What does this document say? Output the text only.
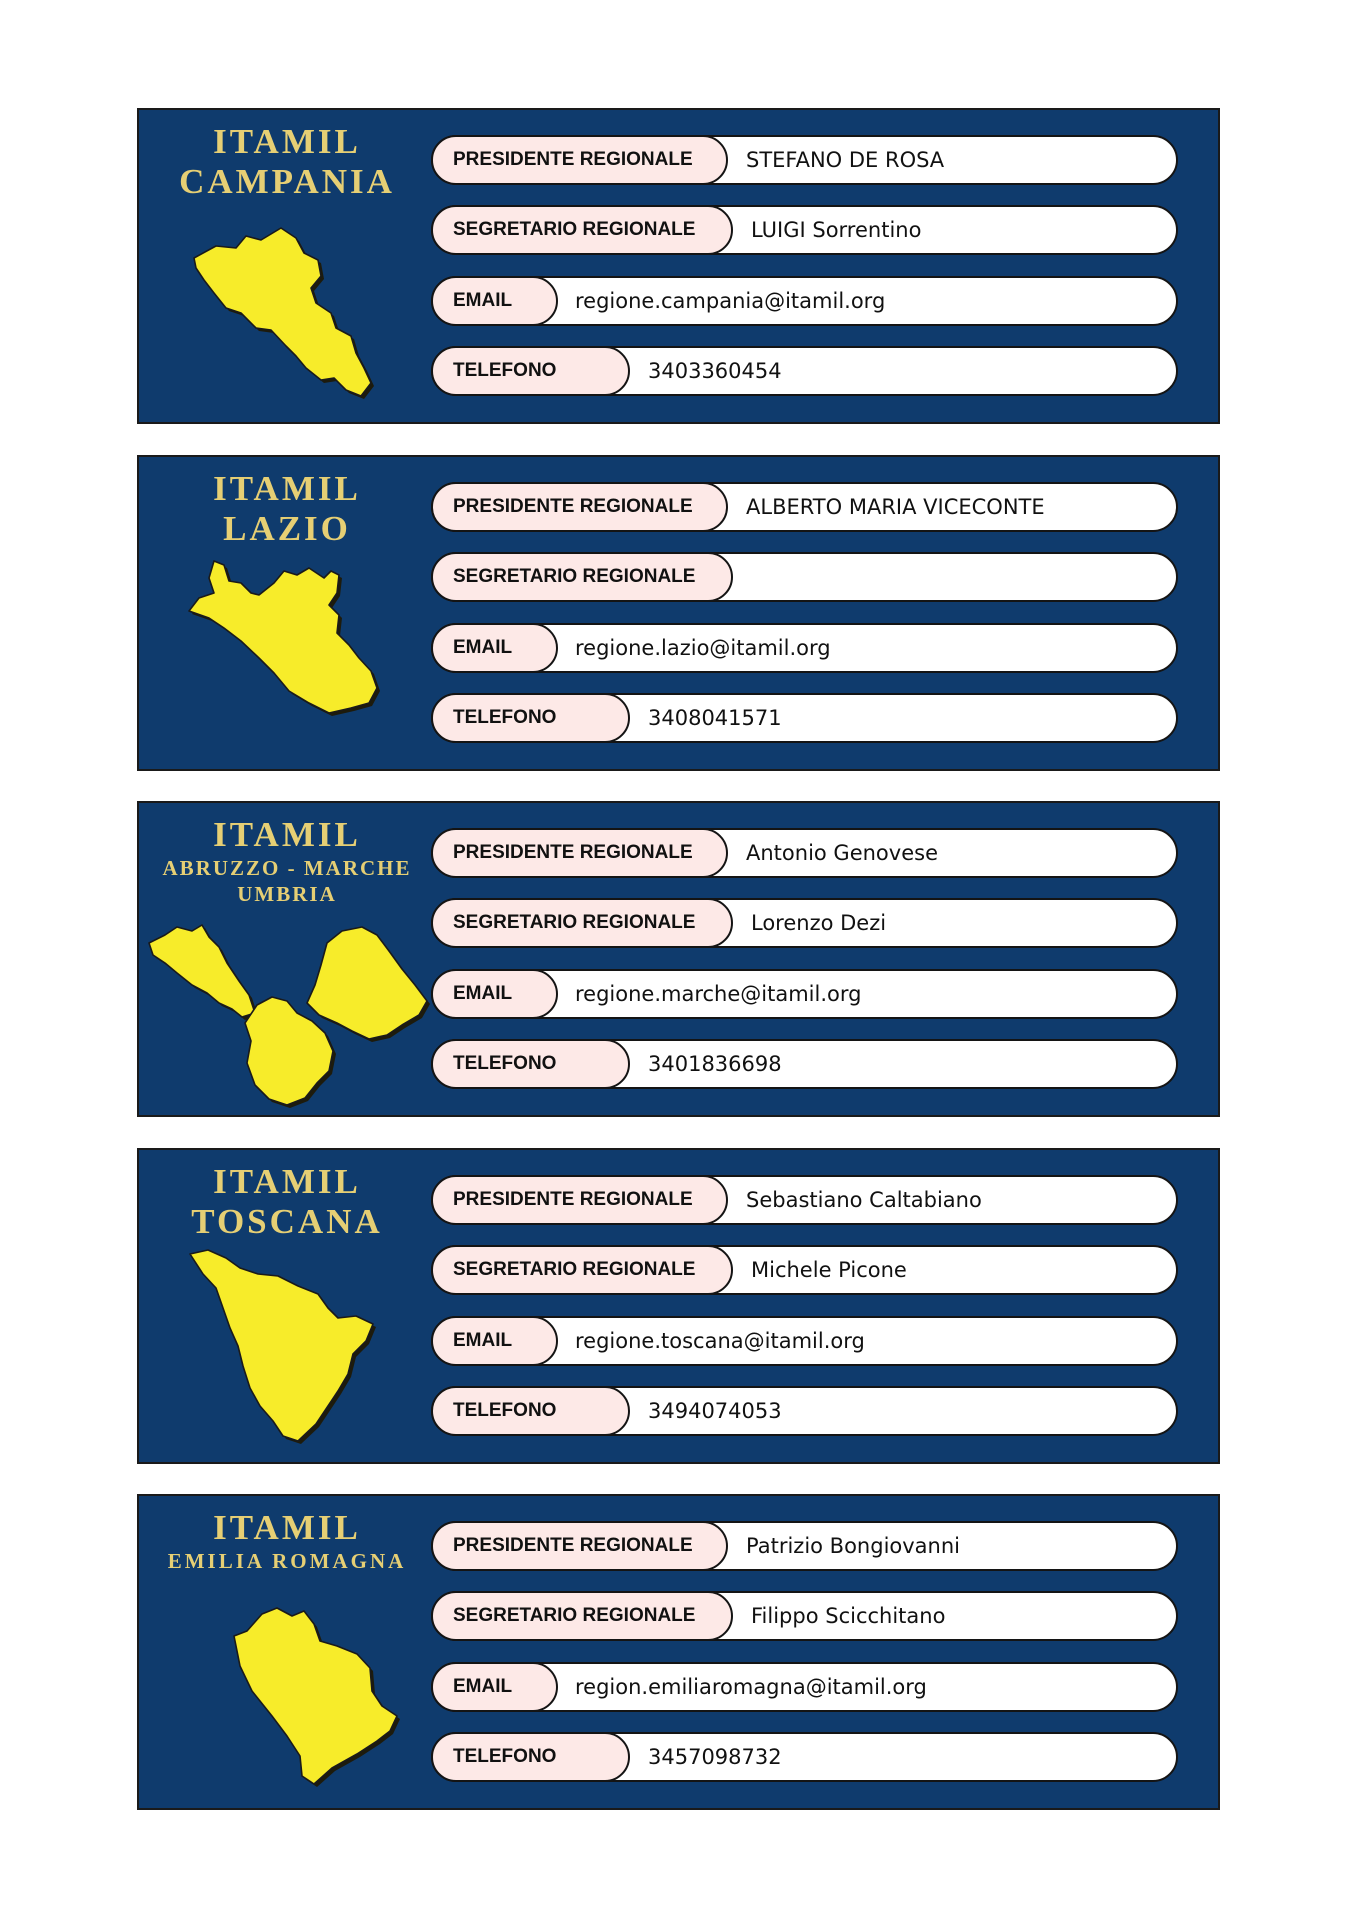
ITAMIL
CAMPANIA
PRESIDENTE REGIONALE	STEFANO DE ROSA
SEGRETARIO REGIONALE	LUIGI Sorrentino
EMAIL	regione.campania@itamil.org
TELEFONO	3403360454
ITAMIL
LAZIO
PRESIDENTE REGIONALE	ALBERTO MARIA VICECONTE
SEGRETARIO REGIONALE
EMAIL	regione.lazio@itamil.org
TELEFONO	3408041571
ITAMIL
ABRUZZO - MARCHE
UMBRIA
PRESIDENTE REGIONALE	Antonio Genovese
SEGRETARIO REGIONALE	Lorenzo Dezi
EMAIL	regione.marche@itamil.org
TELEFONO	3401836698
ITAMIL
TOSCANA
PRESIDENTE REGIONALE	Sebastiano Caltabiano
SEGRETARIO REGIONALE	Michele Picone
EMAIL	regione.toscana@itamil.org
TELEFONO	3494074053
ITAMIL
EMILIA ROMAGNA
PRESIDENTE REGIONALE	Patrizio Bongiovanni
SEGRETARIO REGIONALE	Filippo Scicchitano
EMAIL	region.emiliaromagna@itamil.org
TELEFONO	3457098732
